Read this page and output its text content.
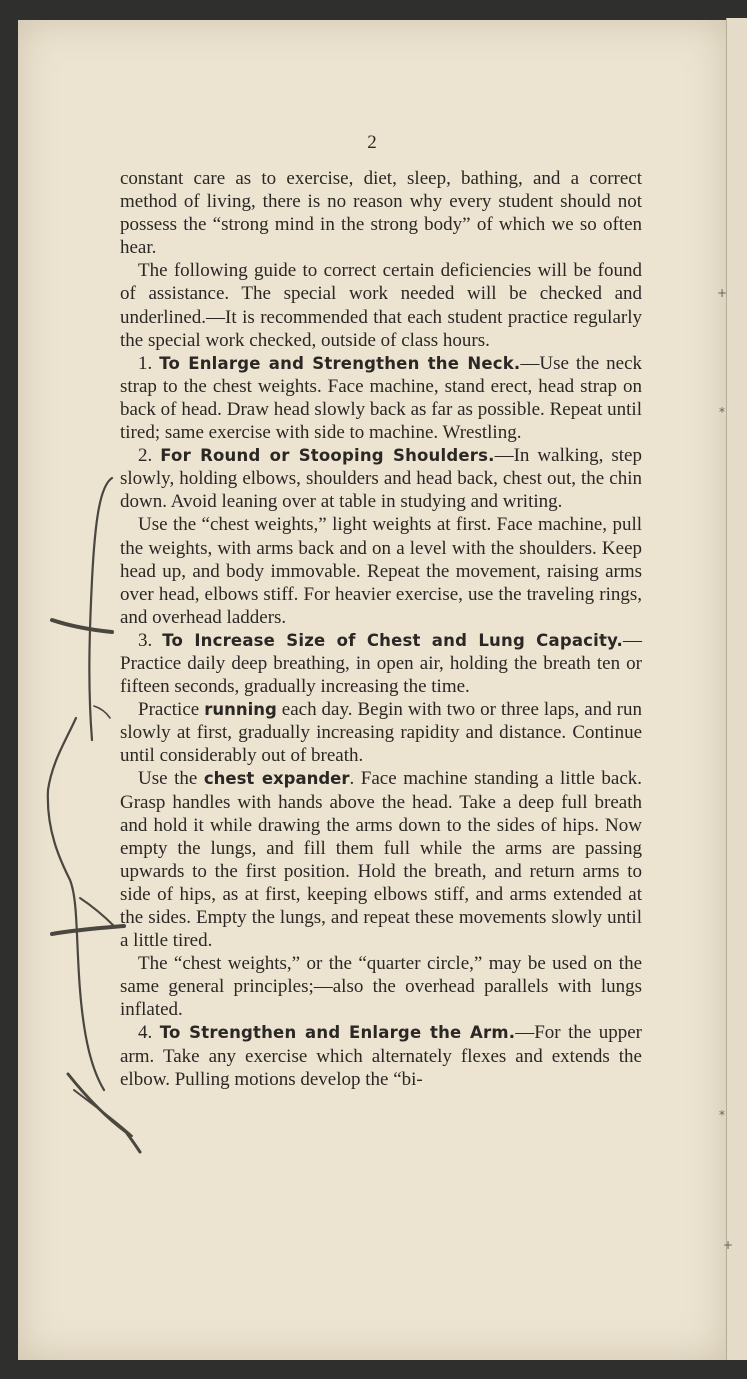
2

constant care as to exercise, diet, sleep, bathing, and a correct method of living, there is no reason why every student should not possess the “strong mind in the strong body” of which we so often hear.

The following guide to correct certain deficiencies will be found of assistance. The special work needed will be checked and underlined.—It is recommended that each student practice regularly the special work checked, outside of class hours.

1. To Enlarge and Strengthen the Neck.—Use the neck strap to the chest weights. Face machine, stand erect, head strap on back of head. Draw head slowly back as far as possible. Repeat until tired; same exercise with side to machine. Wrestling.

2. For Round or Stooping Shoulders.—In walking, step slowly, holding elbows, shoulders and head back, chest out, the chin down. Avoid leaning over at table in studying and writing.

Use the “chest weights,” light weights at first. Face machine, pull the weights, with arms back and on a level with the shoulders. Keep head up, and body immovable. Repeat the movement, raising arms over head, elbows stiff. For heavier exercise, use the traveling rings, and overhead ladders.

3. To Increase Size of Chest and Lung Capacity.—Practice daily deep breathing, in open air, holding the breath ten or fifteen seconds, gradually increasing the time.

Practice running each day. Begin with two or three laps, and run slowly at first, gradually increasing rapidity and distance. Continue until considerably out of breath.

Use the chest expander. Face machine standing a little back. Grasp handles with hands above the head. Take a deep full breath and hold it while drawing the arms down to the sides of hips. Now empty the lungs, and fill them full while the arms are passing upwards to the first position. Hold the breath, and return arms to side of hips, as at first, keeping elbows stiff, and arms extended at the sides. Empty the lungs, and repeat these movements slowly until a little tired.

The “chest weights,” or the “quarter circle,” may be used on the same general principles;—also the overhead parallels with lungs inflated.

4. To Strengthen and Enlarge the Arm.—For the upper arm. Take any exercise which alternately flexes and extends the elbow. Pulling motions develop the “bi-

+
*
*
+
